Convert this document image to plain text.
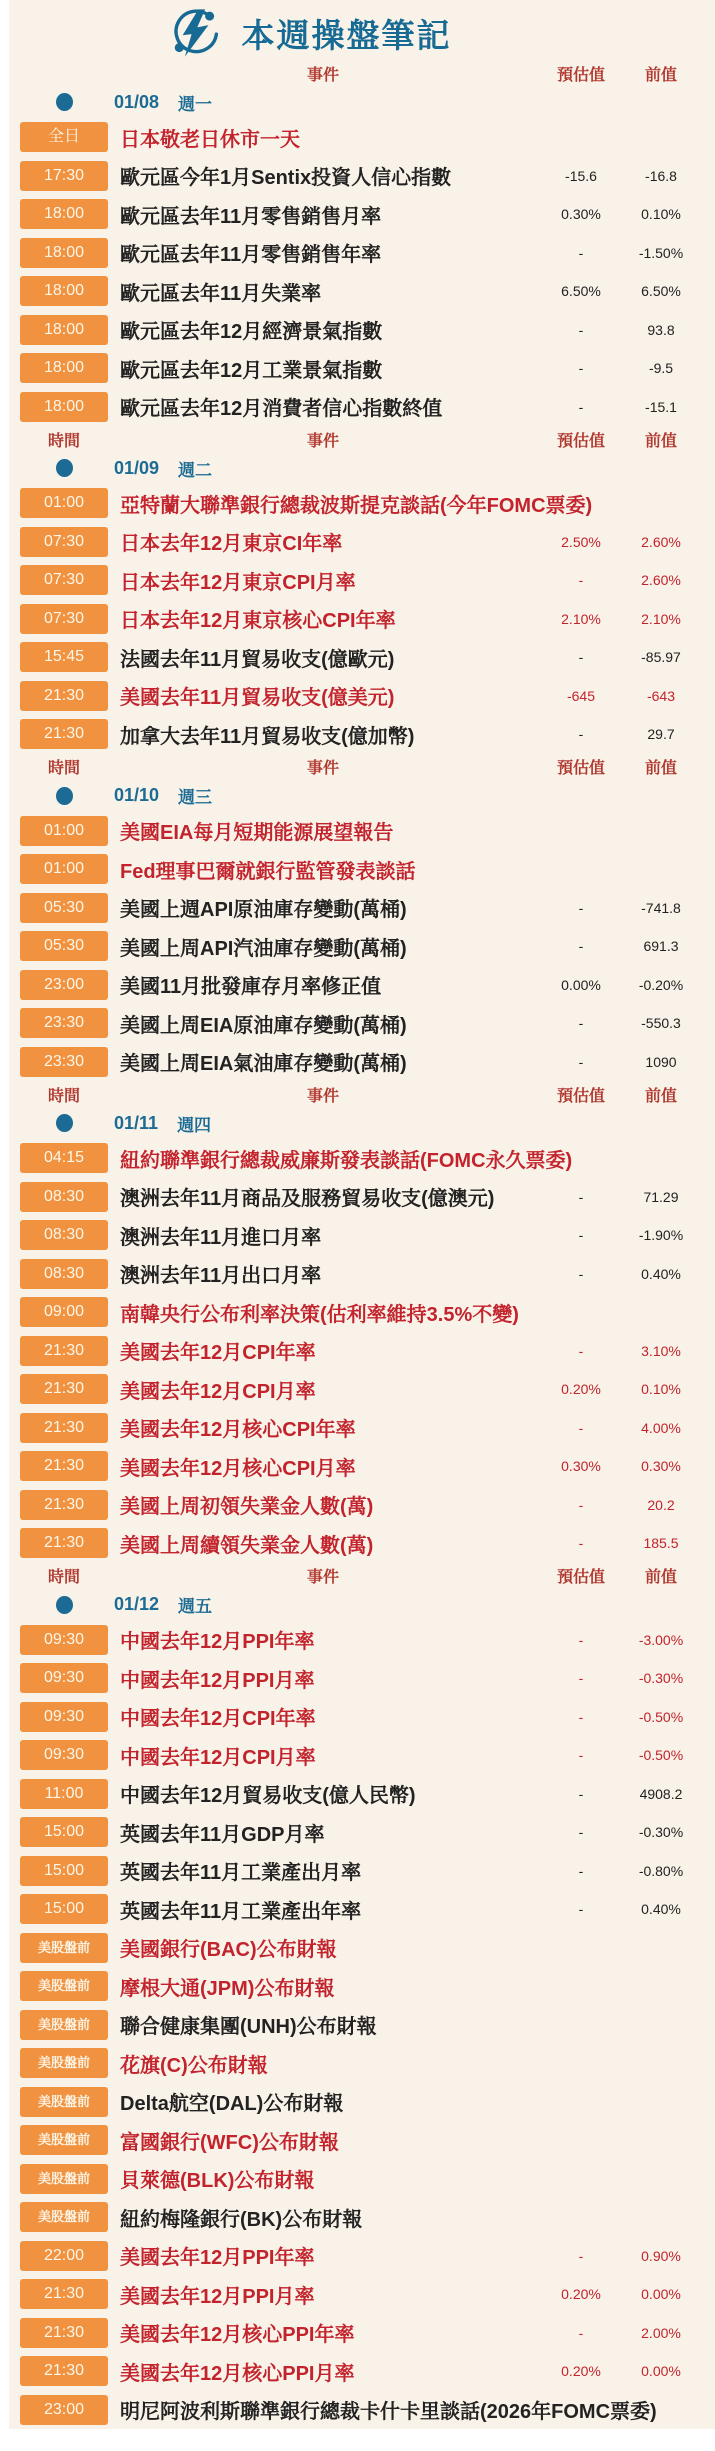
本週操盤筆記
事件	預估值	前值
01/08 週一
全日	日本敬老日休市一天
17:30	歐元區今年1月Sentix投資人信心指數	-15.6	-16.8
18:00	歐元區去年11月零售銷售月率	0.30%	0.10%
18:00	歐元區去年11月零售銷售年率	-	-1.50%
18:00	歐元區去年11月失業率	6.50%	6.50%
18:00	歐元區去年12月經濟景氣指數	-	93.8
18:00	歐元區去年12月工業景氣指數	-	-9.5
18:00	歐元區去年12月消費者信心指數終值	-	-15.1
時間	事件	預估值	前值
01/09 週二
01:00	亞特蘭大聯準銀行總裁波斯提克談話(今年FOMC票委)
07:30	日本去年12月東京CI年率	2.50%	2.60%
07:30	日本去年12月東京CPI月率	-	2.60%
07:30	日本去年12月東京核心CPI年率	2.10%	2.10%
15:45	法國去年11月貿易收支(億歐元)	-	-85.97
21:30	美國去年11月貿易收支(億美元)	-645	-643
21:30	加拿大去年11月貿易收支(億加幣)	-	29.7
時間	事件	預估值	前值
01/10 週三
01:00	美國EIA每月短期能源展望報告
01:00	Fed理事巴爾就銀行監管發表談話
05:30	美國上週API原油庫存變動(萬桶)	-	-741.8
05:30	美國上周API汽油庫存變動(萬桶)	-	691.3
23:00	美國11月批發庫存月率修正值	0.00%	-0.20%
23:30	美國上周EIA原油庫存變動(萬桶)	-	-550.3
23:30	美國上周EIA氣油庫存變動(萬桶)	-	1090
時間	事件	預估值	前值
01/11 週四
04:15	紐約聯準銀行總裁威廉斯發表談話(FOMC永久票委)
08:30	澳洲去年11月商品及服務貿易收支(億澳元)	-	71.29
08:30	澳洲去年11月進口月率	-	-1.90%
08:30	澳洲去年11月出口月率	-	0.40%
09:00	南韓央行公布利率決策(估利率維持3.5%不變)
21:30	美國去年12月CPI年率	-	3.10%
21:30	美國去年12月CPI月率	0.20%	0.10%
21:30	美國去年12月核心CPI年率	-	4.00%
21:30	美國去年12月核心CPI月率	0.30%	0.30%
21:30	美國上周初領失業金人數(萬)	-	20.2
21:30	美國上周續領失業金人數(萬)	-	185.5
時間	事件	預估值	前值
01/12 週五
09:30	中國去年12月PPI年率	-	-3.00%
09:30	中國去年12月PPI月率	-	-0.30%
09:30	中國去年12月CPI年率	-	-0.50%
09:30	中國去年12月CPI月率	-	-0.50%
11:00	中國去年12月貿易收支(億人民幣)	-	4908.2
15:00	英國去年11月GDP月率	-	-0.30%
15:00	英國去年11月工業產出月率	-	-0.80%
15:00	英國去年11月工業產出年率	-	0.40%
美股盤前	美國銀行(BAC)公布財報
美股盤前	摩根大通(JPM)公布財報
美股盤前	聯合健康集團(UNH)公布財報
美股盤前	花旗(C)公布財報
美股盤前	Delta航空(DAL)公布財報
美股盤前	富國銀行(WFC)公布財報
美股盤前	貝萊德(BLK)公布財報
美股盤前	紐約梅隆銀行(BK)公布財報
22:00	美國去年12月PPI年率	-	0.90%
21:30	美國去年12月PPI月率	0.20%	0.00%
21:30	美國去年12月核心PPI年率	-	2.00%
21:30	美國去年12月核心PPI月率	0.20%	0.00%
23:00	明尼阿波利斯聯準銀行總裁卡什卡里談話(2026年FOMC票委)
